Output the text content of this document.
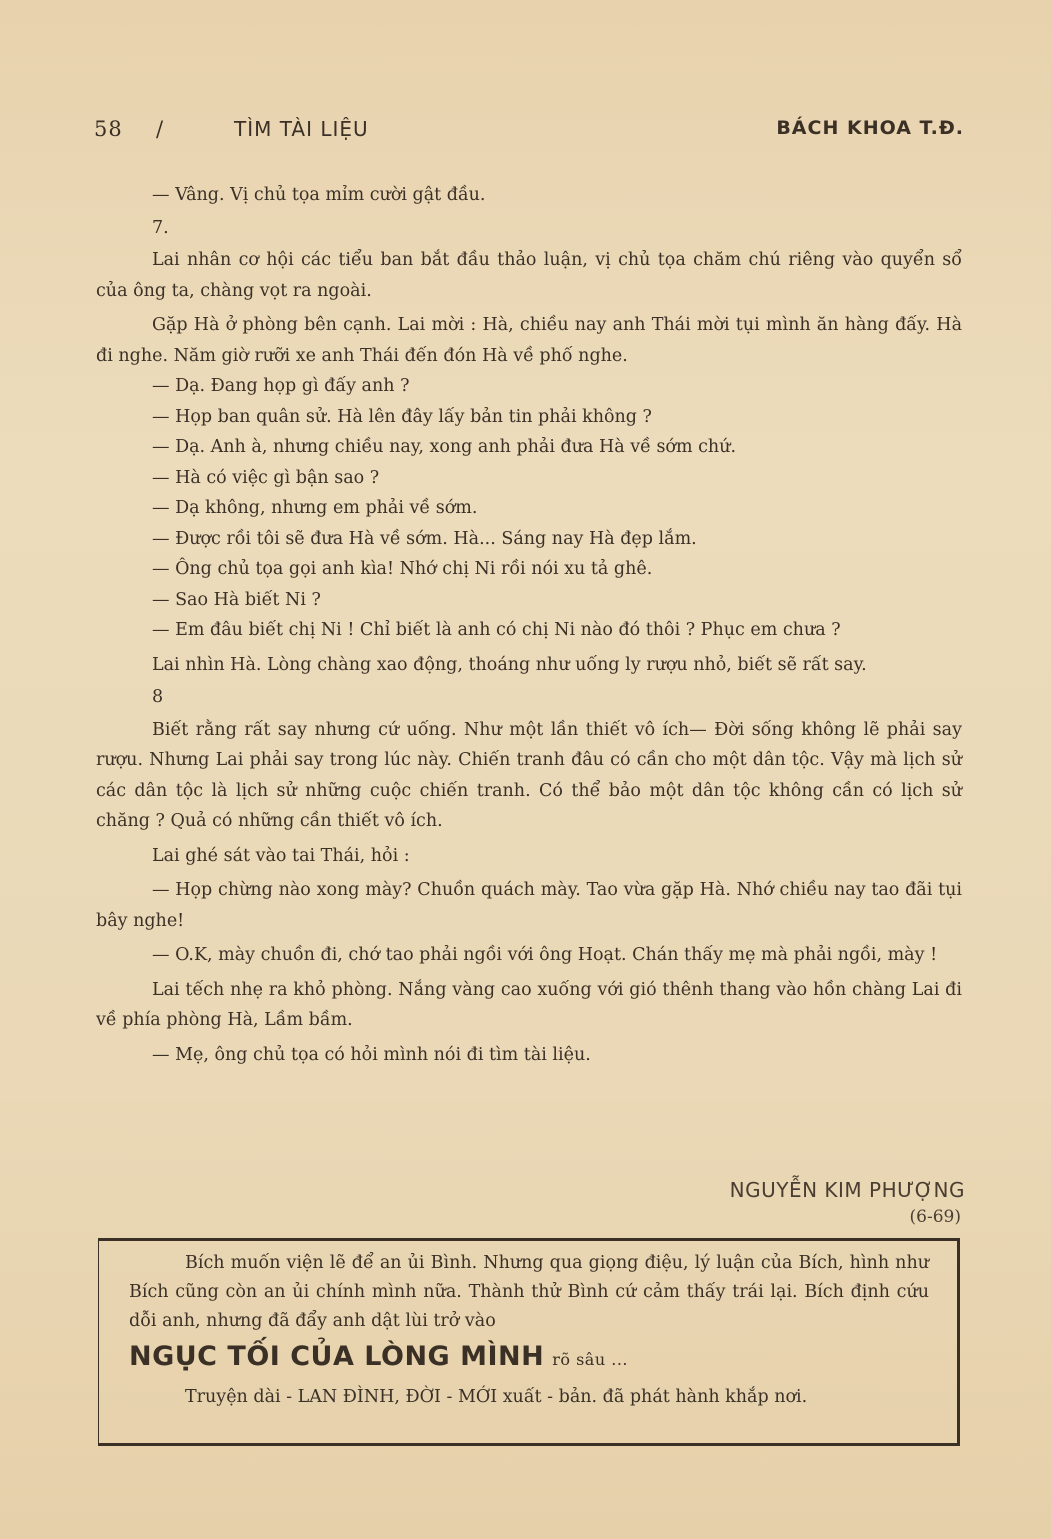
58 /	TÌM TÀI LIỆU	BÁCH KHOA T.Đ.

— Vâng. Vị chủ tọa mỉm cười gật đầu.

7.

Lai nhân cơ hội các tiểu ban bắt đầu thảo luận, vị chủ tọa chăm chú riêng vào quyển sổ của ông ta, chàng vọt ra ngoài.

Gặp Hà ở phòng bên cạnh. Lai mời : Hà, chiều nay anh Thái mời tụi mình ăn hàng đấy. Hà đi nghe. Năm giờ rưỡi xe anh Thái đến đón Hà về phố nghe.

— Dạ. Đang họp gì đấy anh ?

— Họp ban quân sử. Hà lên đây lấy bản tin phải không ?

— Dạ. Anh à, nhưng chiều nay, xong anh phải đưa Hà về sớm chứ.

— Hà có việc gì bận sao ?

— Dạ không, nhưng em phải về sớm.

— Được rồi tôi sẽ đưa Hà về sớm. Hà... Sáng nay Hà đẹp lắm.

— Ông chủ tọa gọi anh kìa! Nhớ chị Ni rồi nói xu tả ghê.

— Sao Hà biết Ni ?

— Em đâu biết chị Ni ! Chỉ biết là anh có chị Ni nào đó thôi ? Phục em chưa ?

Lai nhìn Hà. Lòng chàng xao động, thoáng như uống ly rượu nhỏ, biết sẽ rất say.

8

Biết rằng rất say nhưng cứ uống. Như một lần thiết vô ích— Đời sống không lẽ phải say rượu. Nhưng Lai phải say trong lúc này. Chiến tranh đâu có cần cho một dân tộc. Vậy mà lịch sử các dân tộc là lịch sử những cuộc chiến tranh. Có thể bảo một dân tộc không cần có lịch sử chăng ? Quả có những cần thiết vô ích.

Lai ghé sát vào tai Thái, hỏi :

— Họp chừng nào xong mày? Chuồn quách mày. Tao vừa gặp Hà. Nhớ chiều nay tao đãi tụi bây nghe!

— O.K, mày chuồn đi, chớ tao phải ngồi với ông Hoạt. Chán thấy mẹ mà phải ngồi, mày !

Lai tếch nhẹ ra khỏ phòng. Nắng vàng cao xuống với gió thênh thang vào hồn chàng Lai đi về phía phòng Hà, Lầm bầm.

— Mẹ, ông chủ tọa có hỏi mình nói đi tìm tài liệu.

NGUYỄN KIM PHƯỢNG
(6-69)

Bích muốn viện lẽ để an ủi Bình. Nhưng qua giọng điệu, lý luận của Bích, hình như Bích cũng còn an ủi chính mình nữa. Thành thử Bình cứ cảm thấy trái lại. Bích định cứu dỗi anh, nhưng đã đẩy anh dật lùi trở vào

NGỤC TỐI CỦA LÒNG MÌNH rõ sâu ...

Truyện dài - LAN ĐÌNH, ĐỜI - MỚI xuất - bản. đã phát hành khắp nơi.
